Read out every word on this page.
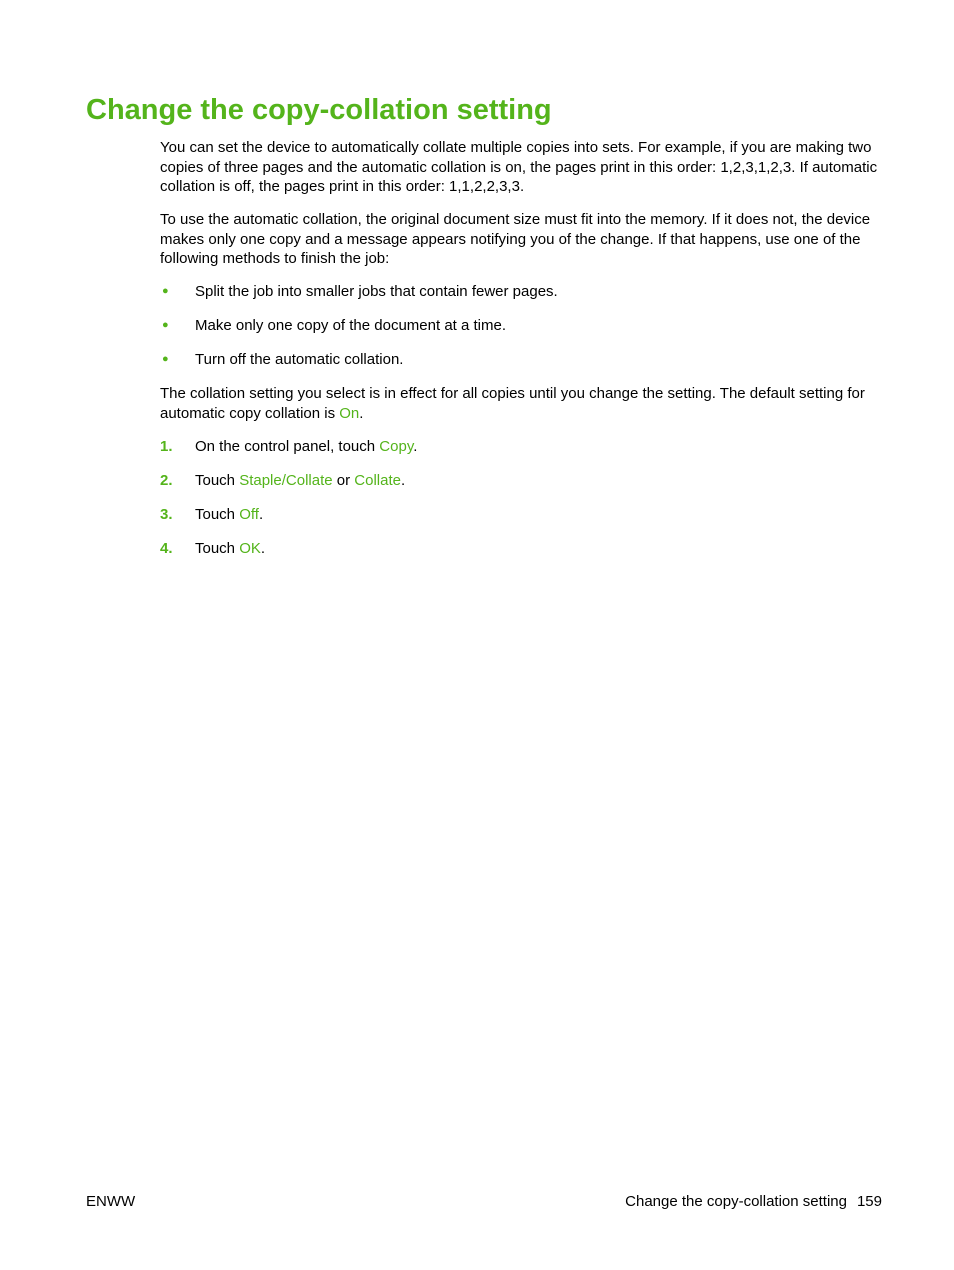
Change the copy-collation setting

You can set the device to automatically collate multiple copies into sets. For example, if you are making two copies of three pages and the automatic collation is on, the pages print in this order: 1,2,3,1,2,3. If automatic collation is off, the pages print in this order: 1,1,2,2,3,3.

To use the automatic collation, the original document size must fit into the memory. If it does not, the device makes only one copy and a message appears notifying you of the change. If that happens, use one of the following methods to finish the job:

● Split the job into smaller jobs that contain fewer pages.
● Make only one copy of the document at a time.
● Turn off the automatic collation.

The collation setting you select is in effect for all copies until you change the setting. The default setting for automatic copy collation is On.

1. On the control panel, touch Copy.
2. Touch Staple/Collate or Collate.
3. Touch Off.
4. Touch OK.
ENWW	Change the copy-collation setting 159
